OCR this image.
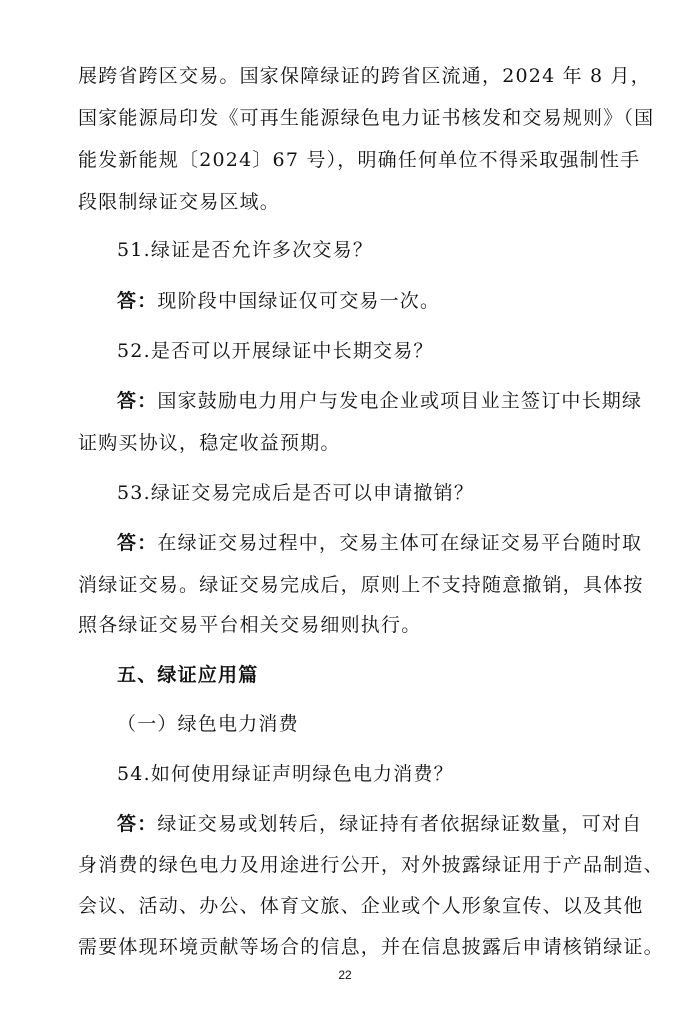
展跨省跨区交易。国家保障绿证的跨省区流通，2024 年 8 月，
国家能源局印发《可再生能源绿色电力证书核发和交易规则》（国
能发新能规〔2024〕67 号），明确任何单位不得采取强制性手
段限制绿证交易区域。
51.绿证是否允许多次交易？
答：现阶段中国绿证仅可交易一次。
52.是否可以开展绿证中长期交易？
答：国家鼓励电力用户与发电企业或项目业主签订中长期绿
证购买协议，稳定收益预期。
53.绿证交易完成后是否可以申请撤销？
答：在绿证交易过程中，交易主体可在绿证交易平台随时取
消绿证交易。绿证交易完成后，原则上不支持随意撤销，具体按
照各绿证交易平台相关交易细则执行。
五、绿证应用篇
（一）绿色电力消费
54.如何使用绿证声明绿色电力消费？
答：绿证交易或划转后，绿证持有者依据绿证数量，可对自
身消费的绿色电力及用途进行公开，对外披露绿证用于产品制造、
会议、活动、办公、体育文旅、企业或个人形象宣传、以及其他
需要体现环境贡献等场合的信息，并在信息披露后申请核销绿证。
22
